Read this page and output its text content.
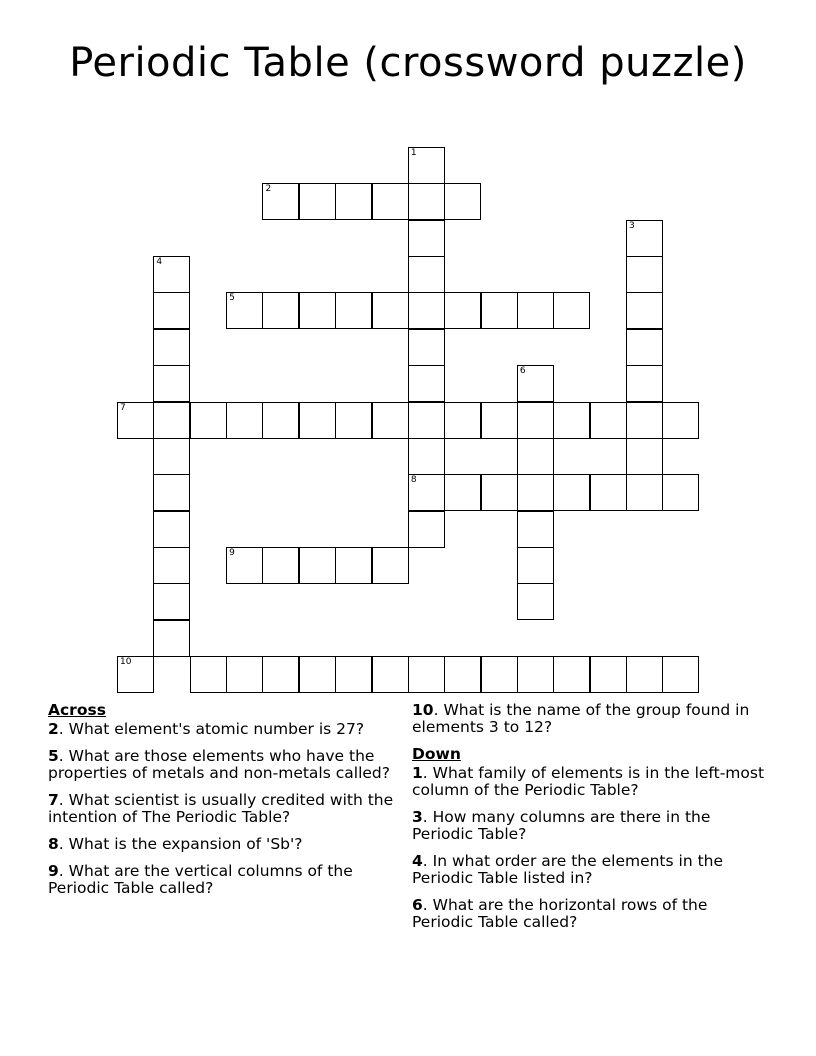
Periodic Table (crossword puzzle)
1
8
2
3
4
5
6
7
9
10
Across
2. What element's atomic number is 27?
5. What are those elements who have the properties of metals and non-metals called?
7. What scientist is usually credited with the intention of The Periodic Table?
8. What is the expansion of 'Sb'?
9. What are the vertical columns of the Periodic Table called?
10. What is the name of the group found in elements 3 to 12?
Down
1. What family of elements is in the left-most column of the Periodic Table?
3. How many columns are there in the Periodic Table?
4. In what order are the elements in the Periodic Table listed in?
6. What are the horizontal rows of the Periodic Table called?
